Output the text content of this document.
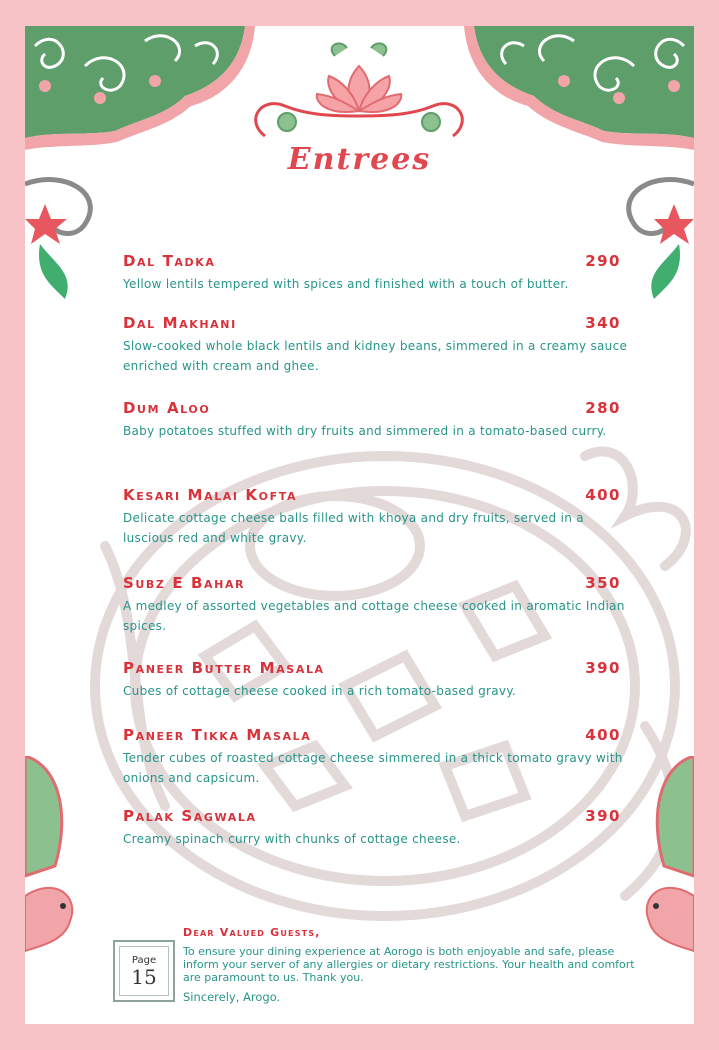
Entrees
Dal Tadka	290
Yellow lentils tempered with spices and finished with a touch of butter.
Dal Makhani	340
Slow-cooked whole black lentils and kidney beans, simmered in a creamy sauce enriched with cream and ghee.
Dum Aloo	280
Baby potatoes stuffed with dry fruits and simmered in a tomato-based curry.
Kesari Malai Kofta	400
Delicate cottage cheese balls filled with khoya and dry fruits, served in a luscious red and white gravy.
Subz E Bahar	350
A medley of assorted vegetables and cottage cheese cooked in aromatic Indian spices.
Paneer Butter Masala	390
Cubes of cottage cheese cooked in a rich tomato-based gravy.
Paneer Tikka Masala	400
Tender cubes of roasted cottage cheese simmered in a thick tomato gravy with onions and capsicum.
Palak Sagwala	390
Creamy spinach curry with chunks of cottage cheese.
Page
15
Dear Valued Guests,
To ensure your dining experience at Aorogo is both enjoyable and safe, please inform your server of any allergies or dietary restrictions. Your health and comfort are paramount to us. Thank you.
Sincerely, Arogo.
